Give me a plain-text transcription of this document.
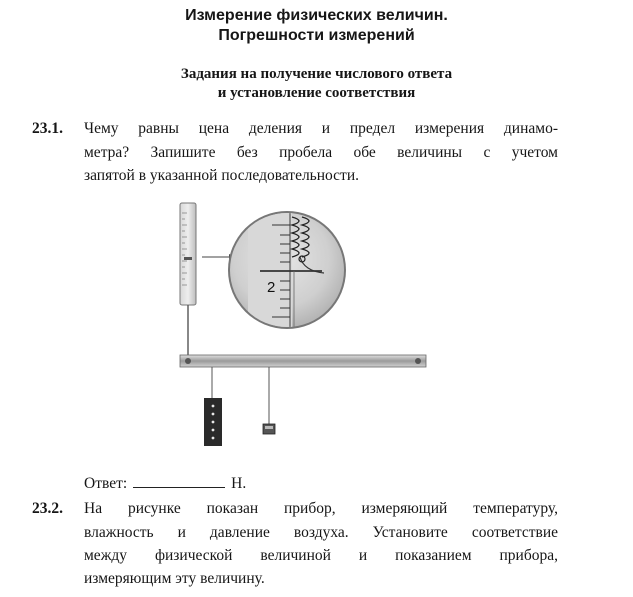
Измерение физических величин.
Погрешности измерений
Задания на получение числового ответа
и установление соответствия
23.1. Чему равны цена деления и предел измерения динамо-
метра? Запишите без пробела обе величины с учетом
запятой в указанной последовательности.
2
Ответ:	Н.
23.2. На рисунке показан прибор, измеряющий температуру,
влажность и давление воздуха. Установите соответствие
между физической величиной и показанием прибора,
измеряющим эту величину.
